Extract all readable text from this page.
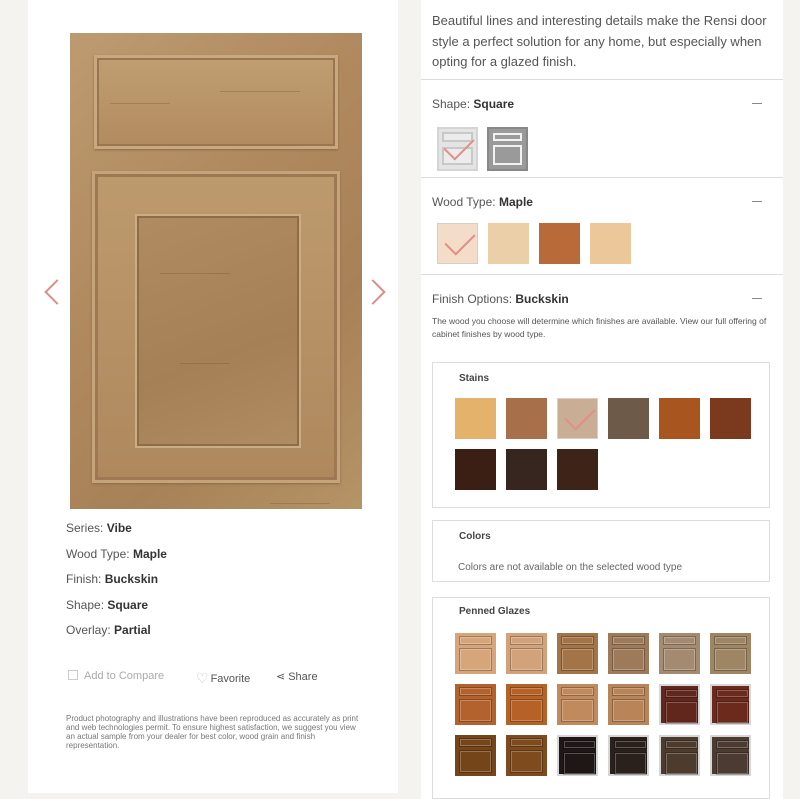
Series: Vibe
Wood Type: Maple
Finish: Buckskin
Shape: Square
Overlay: Partial
Add to Compare ♡ Favorite ⋖ Share
Product photography and illustrations have been reproduced as accurately as print and web technologies permit. To ensure highest satisfaction, we suggest you view an actual sample from your dealer for best color, wood grain and finish representation.
Beautiful lines and interesting details make the Rensi door style a perfect solution for any home, but especially when opting for a glazed finish.
Shape: Square
Wood Type: Maple
Finish Options: Buckskin
The wood you choose will determine which finishes are available. View our full offering of cabinet finishes by wood type.
Stains
Colors
Colors are not available on the selected wood type
Penned Glazes
